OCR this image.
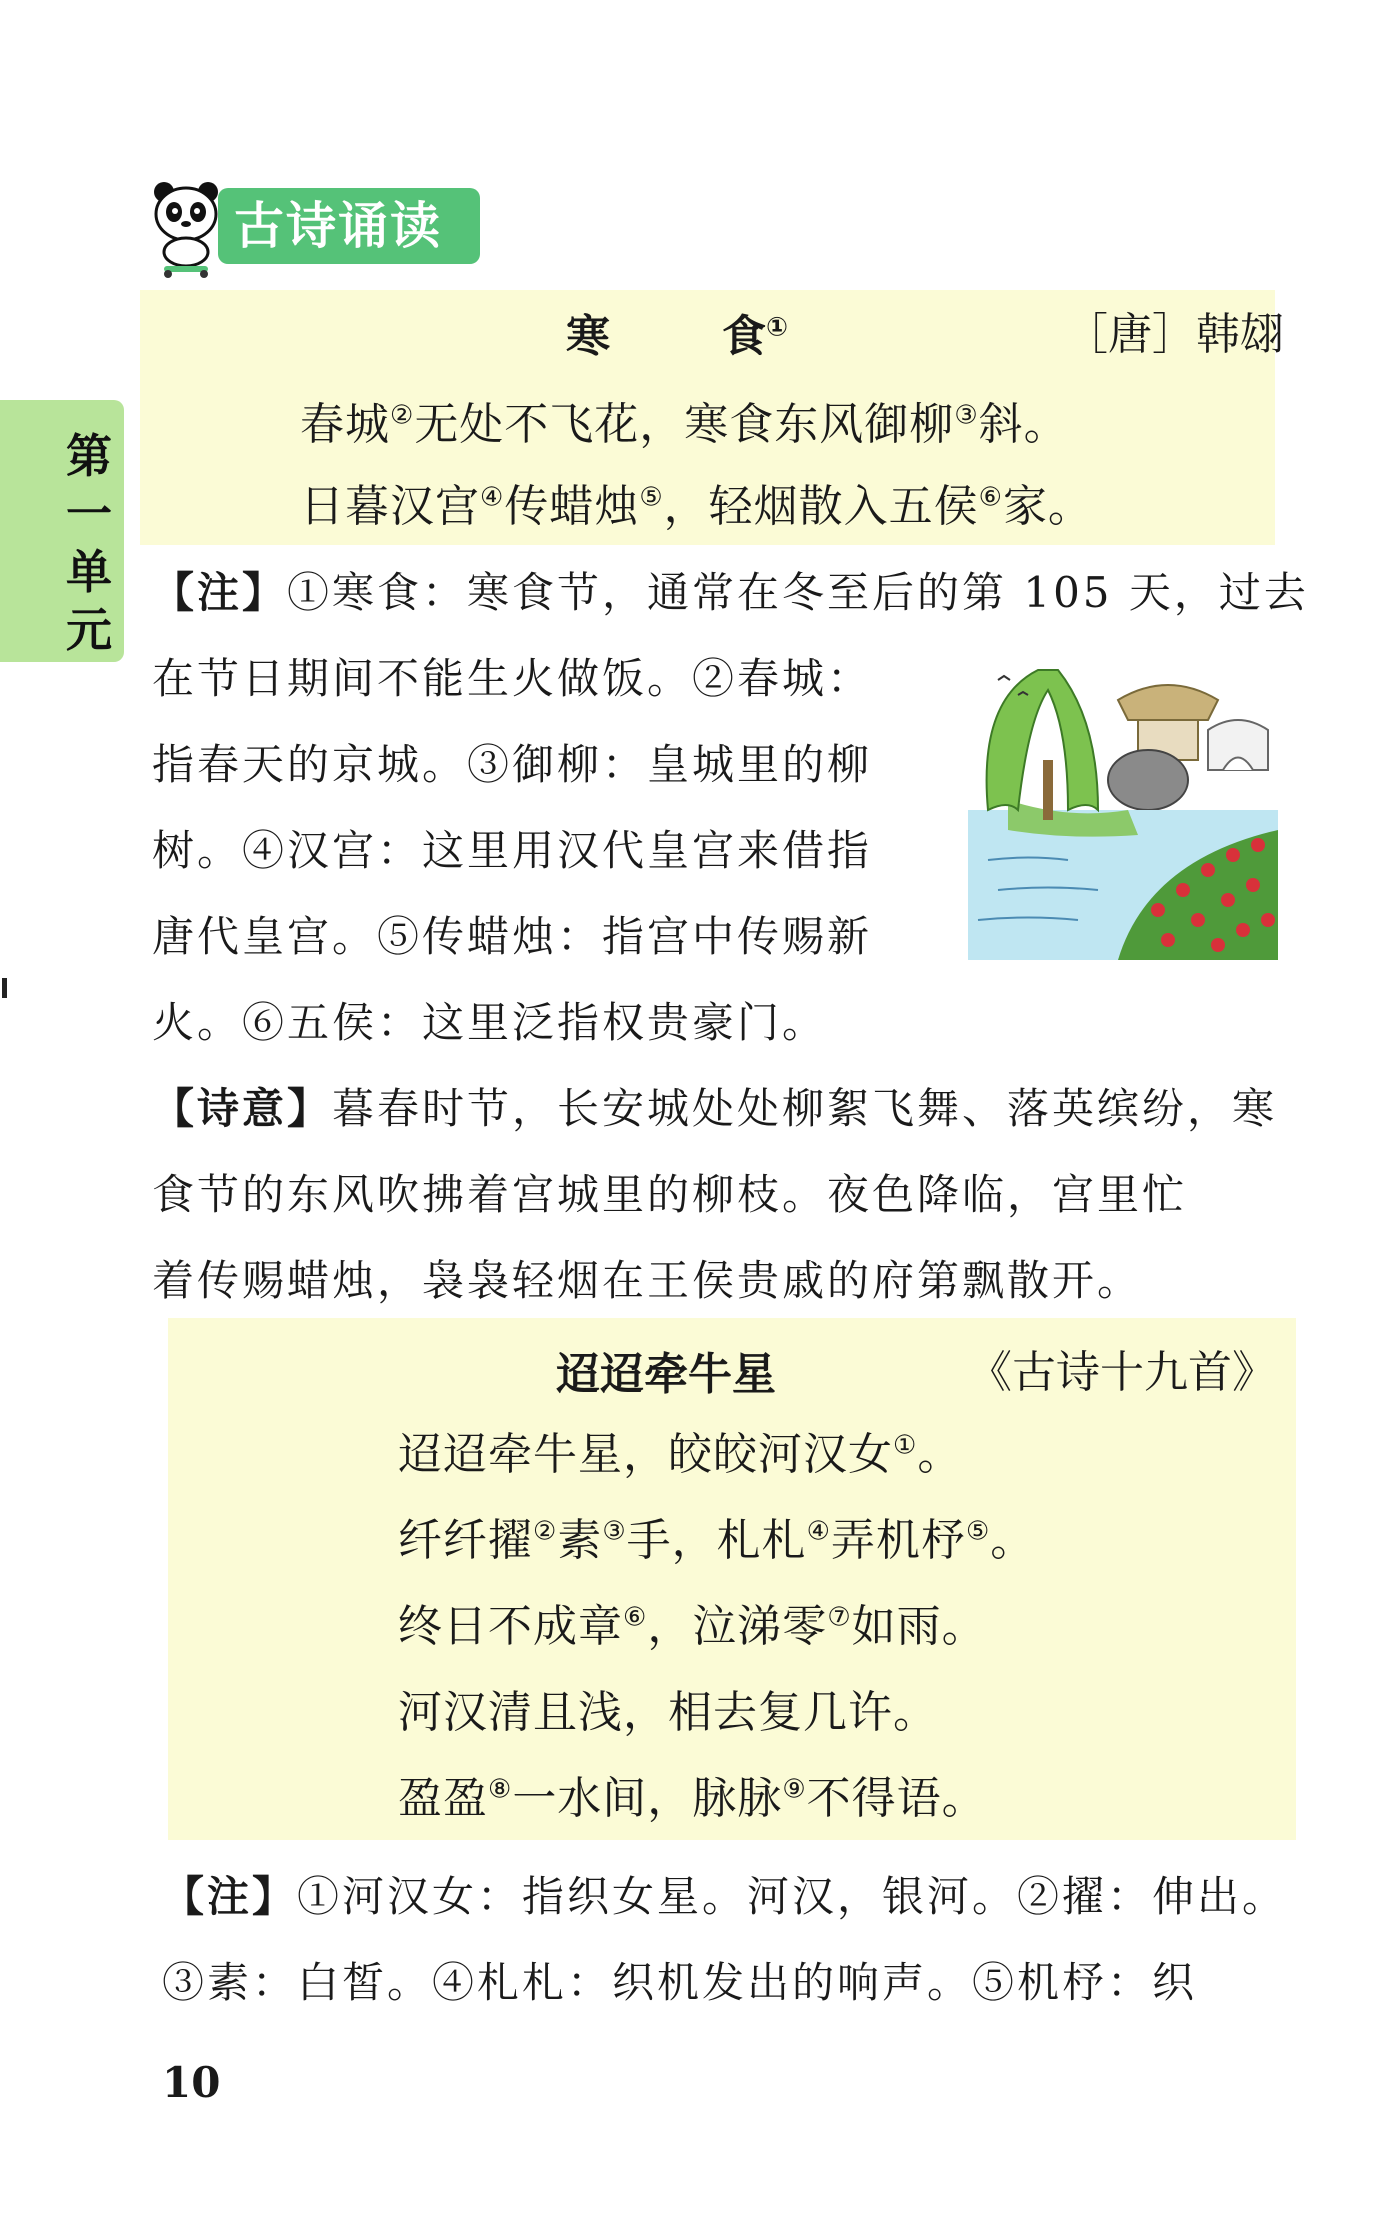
古诗诵读
第
一
单
元
寒	食①	［唐］韩翃
春城②无处不飞花，寒食东风御柳③斜。
日暮汉宫④传蜡烛⑤，轻烟散入五侯⑥家。
【注】①寒食：寒食节，通常在冬至后的第 105 天，过去
在节日期间不能生火做饭。②春城：
指春天的京城。③御柳：皇城里的柳
树。④汉宫：这里用汉代皇宫来借指
唐代皇宫。⑤传蜡烛：指宫中传赐新
火。⑥五侯：这里泛指权贵豪门。
【诗意】暮春时节，长安城处处柳絮飞舞、落英缤纷，寒
食节的东风吹拂着宫城里的柳枝。夜色降临，宫里忙
着传赐蜡烛，袅袅轻烟在王侯贵戚的府第飘散开。
迢迢牵牛星	《古诗十九首》
迢迢牵牛星，皎皎河汉女①。
纤纤擢②素③手，札札④弄机杼⑤。
终日不成章⑥，泣涕零⑦如雨。
河汉清且浅，相去复几许。
盈盈⑧一水间，脉脉⑨不得语。
【注】①河汉女：指织女星。河汉，银河。②擢：伸出。
③素：白皙。④札札：织机发出的响声。⑤机杼：织
10
